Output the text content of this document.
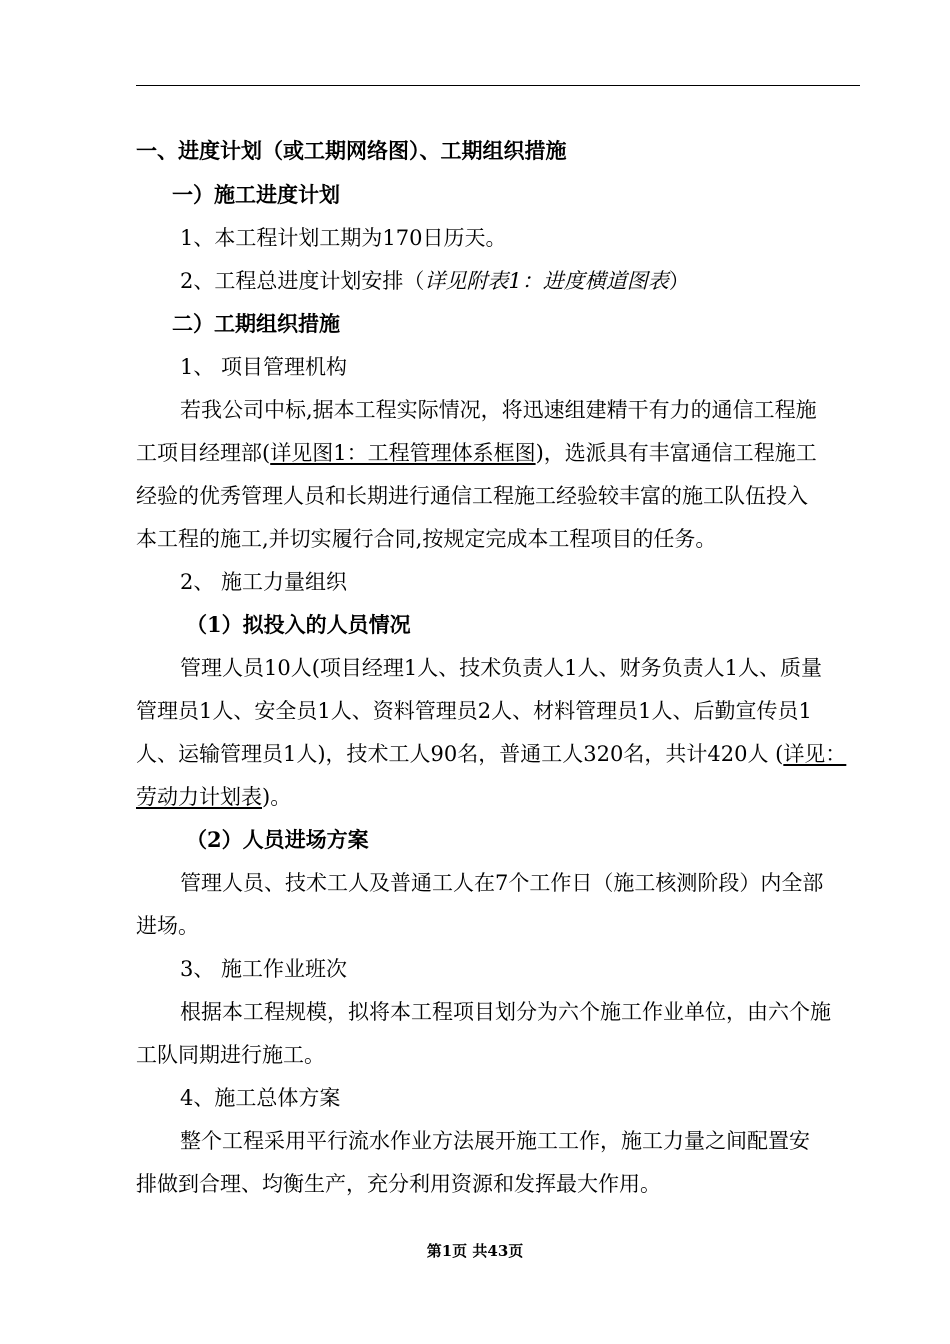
一、进度计划（或工期网络图）、工期组织措施
一）施工进度计划
1、本工程计划工期为170日历天。
2、工程总进度计划安排（详见附表1：进度横道图表）
二）工期组织措施
1、 项目管理机构
若我公司中标,据本工程实际情况，将迅速组建精干有力的通信工程施
工项目经理部(详见图1：工程管理体系框图)，选派具有丰富通信工程施工
经验的优秀管理人员和长期进行通信工程施工经验较丰富的施工队伍投入
本工程的施工,并切实履行合同,按规定完成本工程项目的任务。
2、 施工力量组织
（1）拟投入的人员情况
管理人员10人(项目经理1人、技术负责人1人、财务负责人1人、质量
管理员1人、安全员1人、资料管理员2人、材料管理员1人、后勤宣传员1
人、运输管理员1人)，技术工人90名，普通工人320名，共计420人 (详见：
劳动力计划表)。
（2）人员进场方案
管理人员、技术工人及普通工人在7个工作日（施工核测阶段）内全部
进场。
3、 施工作业班次
根据本工程规模，拟将本工程项目划分为六个施工作业单位，由六个施
工队同期进行施工。
4、施工总体方案
整个工程采用平行流水作业方法展开施工工作，施工力量之间配置安
排做到合理、均衡生产，充分利用资源和发挥最大作用。
第1页 共43页
